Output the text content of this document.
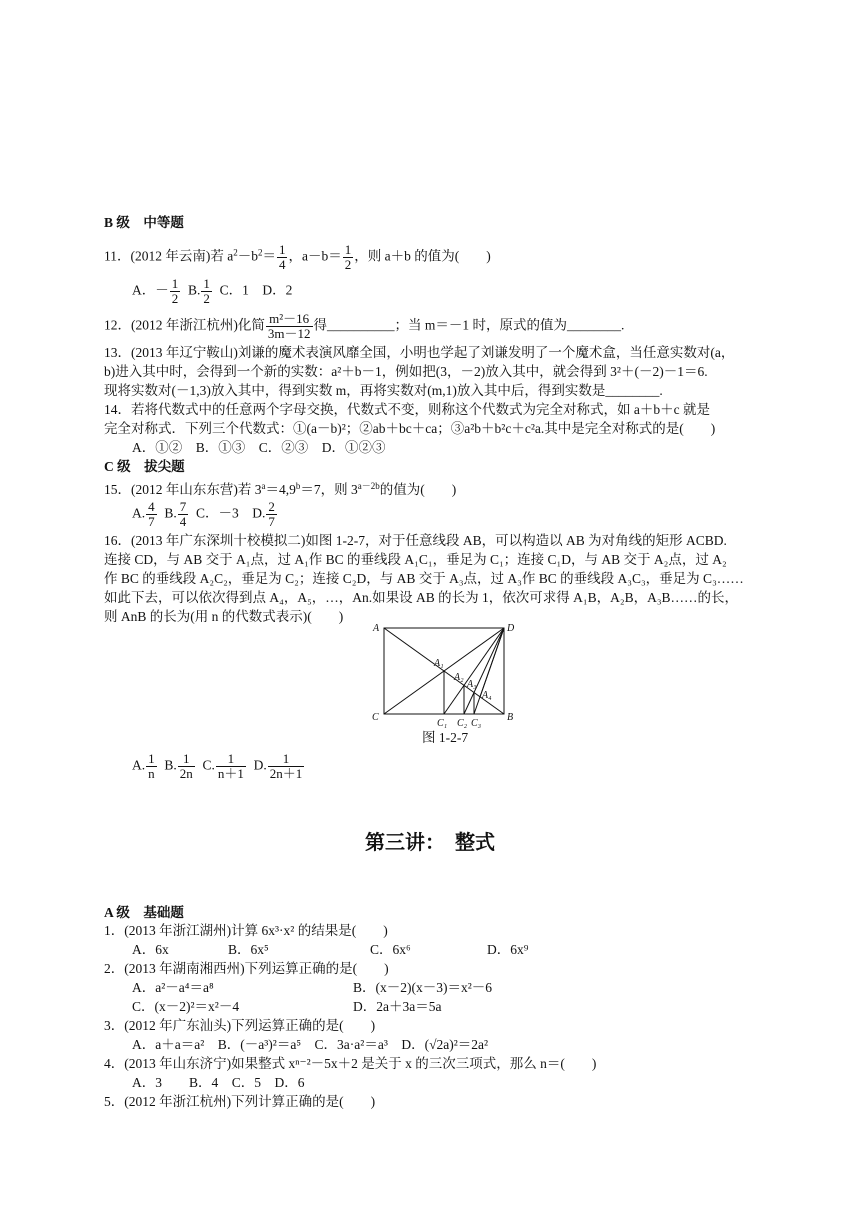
B 级　中等题
11．(2012 年云南)若 $a^2-b^2= \frac{1}{4}$ ，$a-b= \frac{1}{2}$ ，则 a＋b 的值为(　　)
A．－ $\frac{1}{2} B$. $\frac{1}{2}$ C．1　D．2
12．(2012 年浙江杭州)化简 $\frac{\text{m²－16}}{3m-12}$ 得__________；当 m＝－1 时，原式的值为________.
13．(2013 年辽宁鞍山)刘谦的魔术表演风靡全国，小明也学起了刘谦发明了一个魔术盒，当任意实数对(a，
b)进入其中时，会得到一个新的实数：a²＋b－1，例如把(3，－2)放入其中，就会得到 3²＋(－2)－1＝6.
现将实数对(－1,3)放入其中，得到实数 m，再将实数对(m,1)放入其中后，得到实数是________.
14．若将代数式中的任意两个字母交换，代数式不变，则称这个代数式为完全对称式，如 a＋b＋c 就是
完全对称式．下列三个代数式：①(a－b)²；②ab＋bc＋ca；③a²b＋b²c＋c²a.其中是完全对称式的是(　　)
A．①②　B．①③　C．②③　D．①②③
C 级　拔尖题
15．(2012 年山东东营)若 $3^a=4,9^b=7$，则 $3^{a-2b}$的值为(　　)
A. $\frac{4}{7} B$. $\frac{7}{4}$ C．－3　D. $\frac{2}{7}$
16．(2013 年广东深圳十校模拟二)如图 1-2-7，对于任意线段 AB，可以构造以 AB 为对角线的矩形 ACBD.
连接 CD，与 AB 交于 A₁点，过 A₁作 BC 的垂线段 A₁C₁，垂足为 C₁；连接 C₁D，与 AB 交于 A₂点，过 A₂
作 BC 的垂线段 A₂C₂，垂足为 C₂；连接 C₂D，与 AB 交于 A₃点，过 A₃作 BC 的垂线段 A₃C₃，垂足为 C₃……
如此下去，可以依次得到点 A₄，A₅，…，An.如果设 AB 的长为 1，依次可求得 A₁B，A₂B，A₃B……的长，
则 AnB 的长为(用 n 的代数式表示)(　　)
A	D
C	B
A₁
A₂
A₃
A₄
C₁ C₂ C₃
图 1-2-7
A. $\frac{1}{n} B$. $\frac{1}{2n} C$. $\frac{1}{n+1} D$. $\frac{1}{2n+1}$
第三讲：　整式
A 级　基础题
1．(2013 年浙江湖州)计算 6x³·x² 的结果是(　　)
A．6x	B．6x⁵	C．6x⁶	D．6x⁹
2．(2013 年湖南湘西州)下列运算正确的是(　　)
A．a²－a⁴＝a⁸	B．(x－2)(x－3)＝x²－6
C．(x－2)²＝x²－4	D．2a＋3a＝5a
3．(2012 年广东汕头)下列运算正确的是(　　)
A．a＋a＝a²　B．(－a³)²＝a⁵　C．3a·a²＝a³　D．(√2a)²＝2a²
4．(2013 年山东济宁)如果整式 xⁿ⁻²－5x＋2 是关于 x 的三次三项式，那么 n＝(　　)
A．3　　B．4　C．5　D．6
5．(2012 年浙江杭州)下列计算正确的是(　　)
